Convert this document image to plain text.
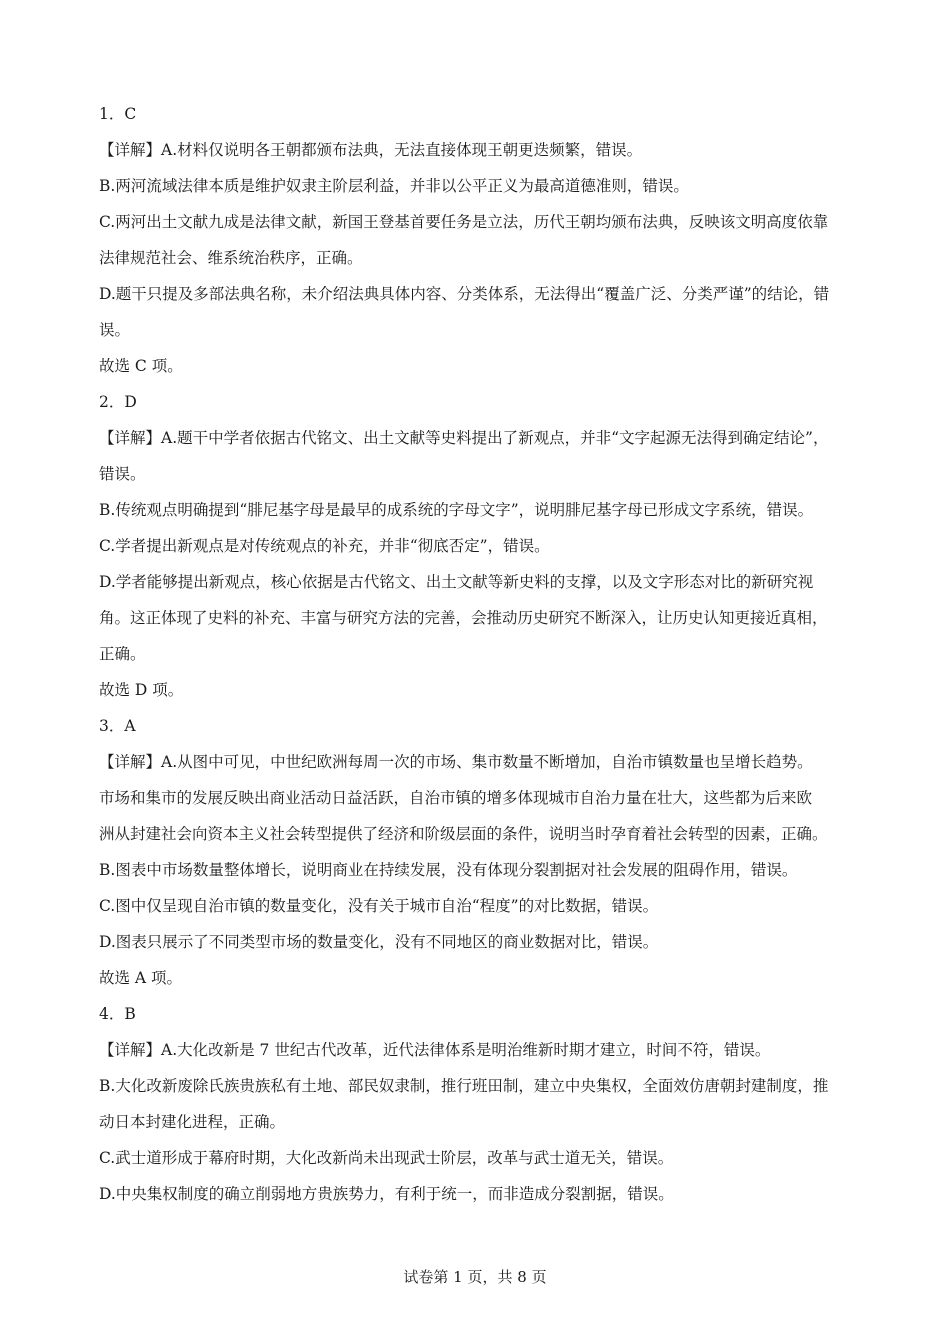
1．C
【详解】A.材料仅说明各王朝都颁布法典，无法直接体现王朝更迭频繁，错误。
B.两河流域法律本质是维护奴隶主阶层利益，并非以公平正义为最高道德准则，错误。
C.两河出土文献九成是法律文献，新国王登基首要任务是立法，历代王朝均颁布法典，反映该文明高度依靠
法律规范社会、维系统治秩序，正确。
D.题干只提及多部法典名称，未介绍法典具体内容、分类体系，无法得出“覆盖广泛、分类严谨”的结论，错
误。
故选 C 项。
2．D
【详解】A.题干中学者依据古代铭文、出土文献等史料提出了新观点，并非“文字起源无法得到确定结论”，
错误。
B.传统观点明确提到“腓尼基字母是最早的成系统的字母文字”，说明腓尼基字母已形成文字系统，错误。
C.学者提出新观点是对传统观点的补充，并非“彻底否定”，错误。
D.学者能够提出新观点，核心依据是古代铭文、出土文献等新史料的支撑，以及文字形态对比的新研究视
角。这正体现了史料的补充、丰富与研究方法的完善，会推动历史研究不断深入，让历史认知更接近真相，
正确。
故选 D 项。
3．A
【详解】A.从图中可见，中世纪欧洲每周一次的市场、集市数量不断增加，自治市镇数量也呈增长趋势。
市场和集市的发展反映出商业活动日益活跃，自治市镇的增多体现城市自治力量在壮大，这些都为后来欧
洲从封建社会向资本主义社会转型提供了经济和阶级层面的条件，说明当时孕育着社会转型的因素，正确。
B.图表中市场数量整体增长，说明商业在持续发展，没有体现分裂割据对社会发展的阻碍作用，错误。
C.图中仅呈现自治市镇的数量变化，没有关于城市自治“程度”的对比数据，错误。
D.图表只展示了不同类型市场的数量变化，没有不同地区的商业数据对比，错误。
故选 A 项。
4．B
【详解】A.大化改新是 7 世纪古代改革，近代法律体系是明治维新时期才建立，时间不符，错误。
B.大化改新废除氏族贵族私有土地、部民奴隶制，推行班田制，建立中央集权，全面效仿唐朝封建制度，推
动日本封建化进程，正确。
C.武士道形成于幕府时期，大化改新尚未出现武士阶层，改革与武士道无关，错误。
D.中央集权制度的确立削弱地方贵族势力，有利于统一，而非造成分裂割据，错误。
试卷第 1 页，共 8 页
